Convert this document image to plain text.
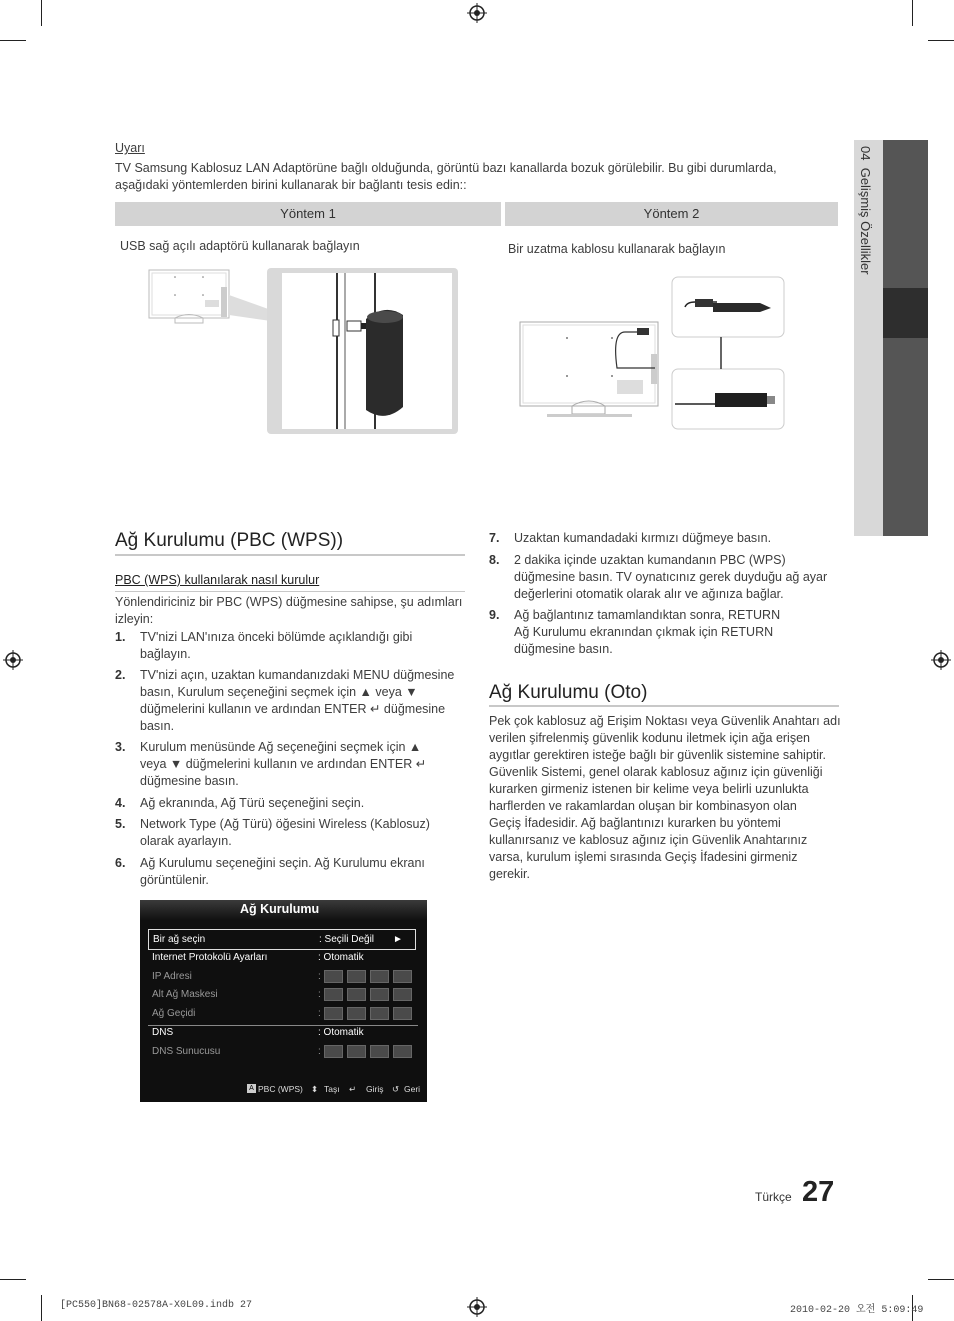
04  Gelişmiş Özellikler
Uyarı
TV Samsung Kablosuz LAN Adaptörüne bağlı olduğunda, görüntü bazı kanallarda bozuk görülebilir. Bu gibi durumlarda, aşağıdaki yöntemlerden birini kullanarak bir bağlantı tesis edin::
Yöntem 1	Yöntem 2
USB sağ açılı adaptörü kullanarak bağlayın	Bir uzatma kablosu kullanarak bağlayın
Ağ Kurulumu (PBC (WPS))
PBC (WPS) kullanılarak nasıl kurulur
Yönlendiriciniz bir PBC (WPS) düğmesine sahipse, şu adımları izleyin:
1. TV'nizi LAN'ınıza önceki bölümde açıklandığı gibi
bağlayın.
2. TV'nizi açın, uzaktan kumandanızdaki MENU düğmesine
basın, Kurulum seçeneğini seçmek için ▲ veya ▼
düğmelerini kullanın ve ardından ENTER ↵ düğmesine
basın.
3. Kurulum menüsünde Ağ seçeneğini seçmek için ▲
veya ▼ düğmelerini kullanın ve ardından ENTER ↵
düğmesine basın.
4. Ağ ekranında, Ağ Türü seçeneğini seçin.
5. Network Type (Ağ Türü) öğesini Wireless (Kablosuz)
olarak ayarlayın.
6. Ağ Kurulumu seçeneğini seçin. Ağ Kurulumu ekranı
görüntülenir.
Ağ Kurulumu
Bir ağ seçin	: Seçili Değil ►
Internet Protokolü Ayarları	: Otomatik
IP Adresi	:
Alt Ağ Maskesi	:
Ağ Geçidi	:
DNS	: Otomatik
DNS Sunucusu	:
A PBC (WPS) ⬍ Taşı ↵ Giriş ↺ Geri
7. Uzaktan kumandadaki kırmızı düğmeye basın.
8. 2 dakika içinde uzaktan kumandanın PBC (WPS)
düğmesine basın. TV oynatıcınız gerek duyduğu ağ ayar
değerlerini otomatik olarak alır ve ağınıza bağlar.
9. Ağ bağlantınız tamamlandıktan sonra, RETURN
Ağ Kurulumu ekranından çıkmak için RETURN
düğmesine basın.
Ağ Kurulumu (Oto)
Pek çok kablosuz ağ Erişim Noktası veya Güvenlik Anahtarı adı
verilen şifrelenmiş güvenlik kodunu iletmek için ağa erişen
aygıtlar gerektiren isteğe bağlı bir güvenlik sistemine sahiptir.
Güvenlik Sistemi, genel olarak kablosuz ağınız için güvenliği
kurarken girmeniz istenen bir kelime veya belirli uzunlukta
harflerden ve rakamlardan oluşan bir kombinasyon olan
Geçiş İfadesidir. Ağ bağlantınızı kurarken bu yöntemi
kullanırsanız ve kablosuz ağınız için Güvenlik Anahtarınız
varsa, kurulum işlemi sırasında Geçiş İfadesini girmeniz
gerekir.
Türkçe 27
[PC550]BN68-02578A-X0L09.indb 27	2010-02-20 오전 5:09:49
